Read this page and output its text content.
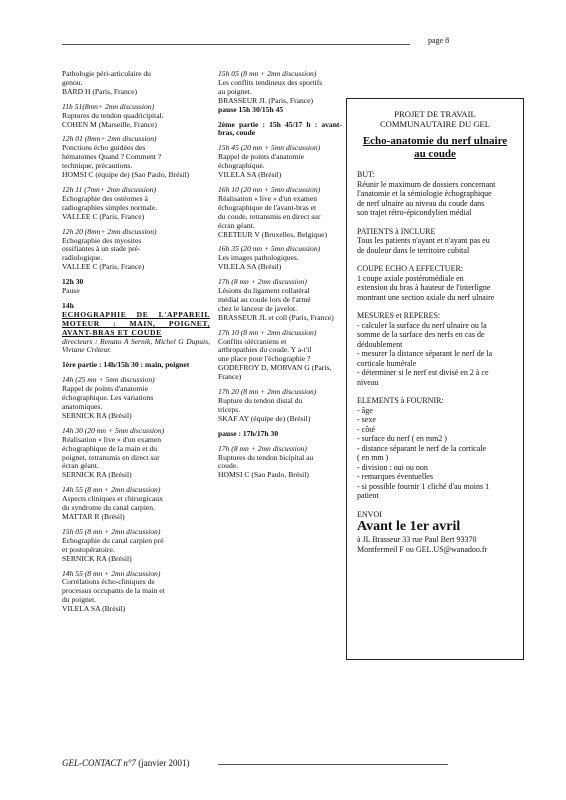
page 8
Pathologie péri-articulaire du
genou.
BARD H (Paris, France)
11h 51(8mn+ 2mn discussion)
Ruptures du tendon quadricipital.
COHEN M (Marseille, France)
12h 01 (8mn+ 2mn discussion)
Ponctions écho guidées des
hématomes Quand ? Comment ?
technique, précautions.
HOMSI C (équipe de) (Sao Paulo, Brésil)
12h 11 (7mn+ 2mn discussion)
Echographie des ostéomes à
radiographies simples normale.
VALLEE C (Paris, France)
12h 20 (8mn+ 2mn discussion)
Echographie des myosites
ossifiantes à un stade pré-
radiologique.
VALLEE C (Paris, France)
12h 30
Pause
14h
ECHOGRAPHIE DE L'APPAREIL MOTEUR : MAIN, POIGNET, AVANT-BRAS ET COUDE
directeurs : Renato A Sernik, Michel G Dupuis, Viviane Créteur.
1ère partie : 14h/15h 30 : main, poignet
14h (25 mn + 5mn discussion)
Rappel de points d'anatomie
échographique. Les variations
anatomiques.
SERNICK RA (Brésil)
14h 30 (20 mn + 5mn discussion)
Réalisation « live » d'un examen
échographique de la main et du
poignet, retransmis en direct sur
écran géant.
SERNICK RA (Brésil)
14h 55 (8 mn + 2mn discussion)
Aspects cliniques et chirurgicaux
du syndrome du canal carpien.
MATTAR R (Brésil)
15h 05 (8 mn + 2mn discussion)
Echographie du canal carpien pré
et postopératoire.
SERNICK RA (Brésil)
14h 55 (8 mn + 2mn discussion)
Corrélations écho-cliniques de
processus occupants de la main et
du poignet.
VILELA SA (Brésil)
15h 05 (8 mn + 2mn discussion)
Les conflits tendineux des sportifs
au poignet.
BRASSEUR JL (Paris, France)
pause 15h 30/15h 45
2ème partie : 15h 45/17 h : avant-bras, coude
15h 45 (20 mn + 5mn discussion)
Rappel de points d'anatomie
échographique.
VILELA SA (Brésil)
16h 10 (20 mn + 5mn discussion)
Réalisation « live » d'un examen
échographique de l'avant-bras et
du coude, retransmis en direct sur
écran géant.
CRETEUR V (Bruxelles, Belgique)
16h 35 (20 mn + 5mn discussion)
Les images pathologiques.
VILELA SA (Brésil)
17h (8 mn + 2mn discussion)
Lésions du ligament collatéral
médial au coude lors de l'armé
chez le lanceur de javelot.
BRASSEUR JL et coll (Paris, France)
17h 10 (8 mn + 2mn discussion)
Conflits olécraniens et
arthropathies du coude. Y a-t'il
une place pour l'échographie ?
GODEFROY D, MORVAN G (Paris, France)
17h 20 (8 mn + 2mn discussion)
Rupture du tendon distal du
triceps.
SKAF AY (équipe de) (Brésil)
pause : 17h/17h 30
17h (8 mn + 2mn discussion)
Ruptures du tendon bicipital au
coude.
HOMSI C (Sao Paulo, Brésil)
PROJET DE TRAVAIL
COMMUNAUTAIRE DU GEL
Echo-anatomie du nerf ulnaire au coude
BUT:
Réunir le maximum de dossiers concernant
l'anatomie et la sémiologie échographique
de nerf ulnaire au niveau du coude dans
son trajet rétro-épicondylien médial
PATIENTS à INCLURE
Tous les patients n'ayant et n'ayant pas eu
de douleur dans le territoire cubital
COUPE ECHO A EFFECTUER:
1 coupe axiale postéromédiale en
extension du bras à hauteur de l'interligne
montrant une section axiale du nerf ulnaire
MESURES et REPERES:
- calculer la surface du nerf ulnaire ou la
somme de la surface des nerfs en cas de
dédoublement
- mesurer la distance séparant le nerf de la
corticale humérale
- déterminer si le nerf est divisé en 2 à ce
niveau
ELEMENTS à FOURNIR:
- âge
- sexe
- côté
- surface du nerf ( en mm2 )
- distance séparant le nerf de la corticale
( en mm )
- division : oui ou non
- remarques éventuelles
- si possible fournir 1 cliché d'au moins 1
patient
ENVOI
Avant le 1er avril
à JL Brasseur 33 rue Paul Bert 93370
Montfermeil F ou GEL.US@wanadoo.fr
GEL-CONTACT n°7 (janvier 2001)
